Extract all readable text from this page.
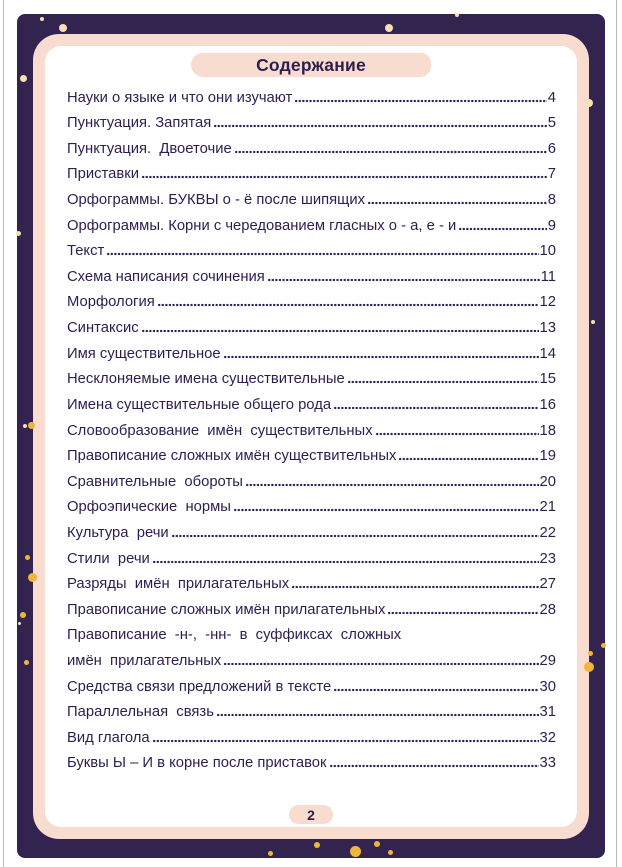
Содержание
Науки о языке и что они изучают	4
Пунктуация. Запятая	5
Пунктуация.  Двоеточие	6
Приставки	7
Орфограммы. БУКВЫ о - ё после шипящих	8
Орфограммы. Корни с чередованием гласных о - а, е - и	9
Текст	10
Схема написания сочинения	11
Морфология	12
Синтаксис	13
Имя существительное	14
Несклоняемые имена существительные	15
Имена существительные общего рода	16
Словообразование  имён  существительных	18
Правописание сложных имён существительных	19
Сравнительные  обороты	20
Орфоэпические  нормы	21
Культура  речи	22
Стили  речи	23
Разряды  имён  прилагательных	27
Правописание сложных имён прилагательных	28
Правописание  -н-,  -нн-  в  суффиксах  сложных
имён  прилагательных	29
Средства связи предложений в тексте	30
Параллельная  связь	31
Вид глагола	32
Буквы Ы – И в корне после приставок	33
2
